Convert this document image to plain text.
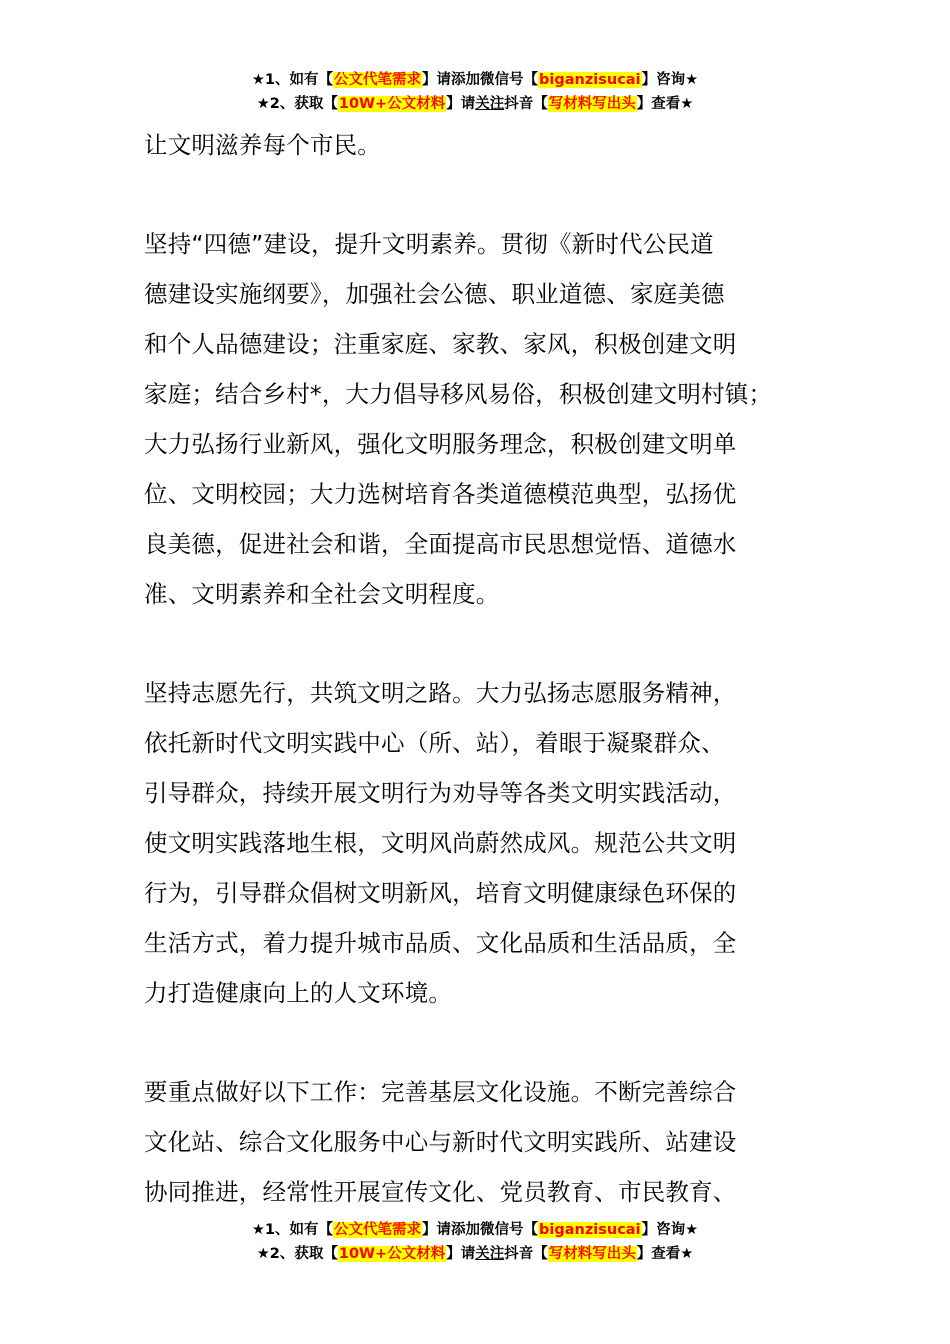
★1、如有【公文代笔需求】请添加微信号【biganzisucai】咨询★
★2、获取【10W+公文材料】请关注抖音【写材料写出头】查看★

让文明滋养每个市民。

坚持“四德”建设，提升文明素养。贯彻《新时代公民道
德建设实施纲要》，加强社会公德、职业道德、家庭美德
和个人品德建设；注重家庭、家教、家风，积极创建文明
家庭；结合乡村*，大力倡导移风易俗，积极创建文明村镇；
大力弘扬行业新风，强化文明服务理念，积极创建文明单
位、文明校园；大力选树培育各类道德模范典型，弘扬优
良美德，促进社会和谐，全面提高市民思想觉悟、道德水
准、文明素养和全社会文明程度。

坚持志愿先行，共筑文明之路。大力弘扬志愿服务精神，
依托新时代文明实践中心（所、站），着眼于凝聚群众、
引导群众，持续开展文明行为劝导等各类文明实践活动，
使文明实践落地生根，文明风尚蔚然成风。规范公共文明
行为，引导群众倡树文明新风，培育文明健康绿色环保的
生活方式，着力提升城市品质、文化品质和生活品质，全
力打造健康向上的人文环境。

要重点做好以下工作：完善基层文化设施。不断完善综合
文化站、综合文化服务中心与新时代文明实践所、站建设
协同推进，经常性开展宣传文化、党员教育、市民教育、

★1、如有【公文代笔需求】请添加微信号【biganzisucai】咨询★
★2、获取【10W+公文材料】请关注抖音【写材料写出头】查看★
